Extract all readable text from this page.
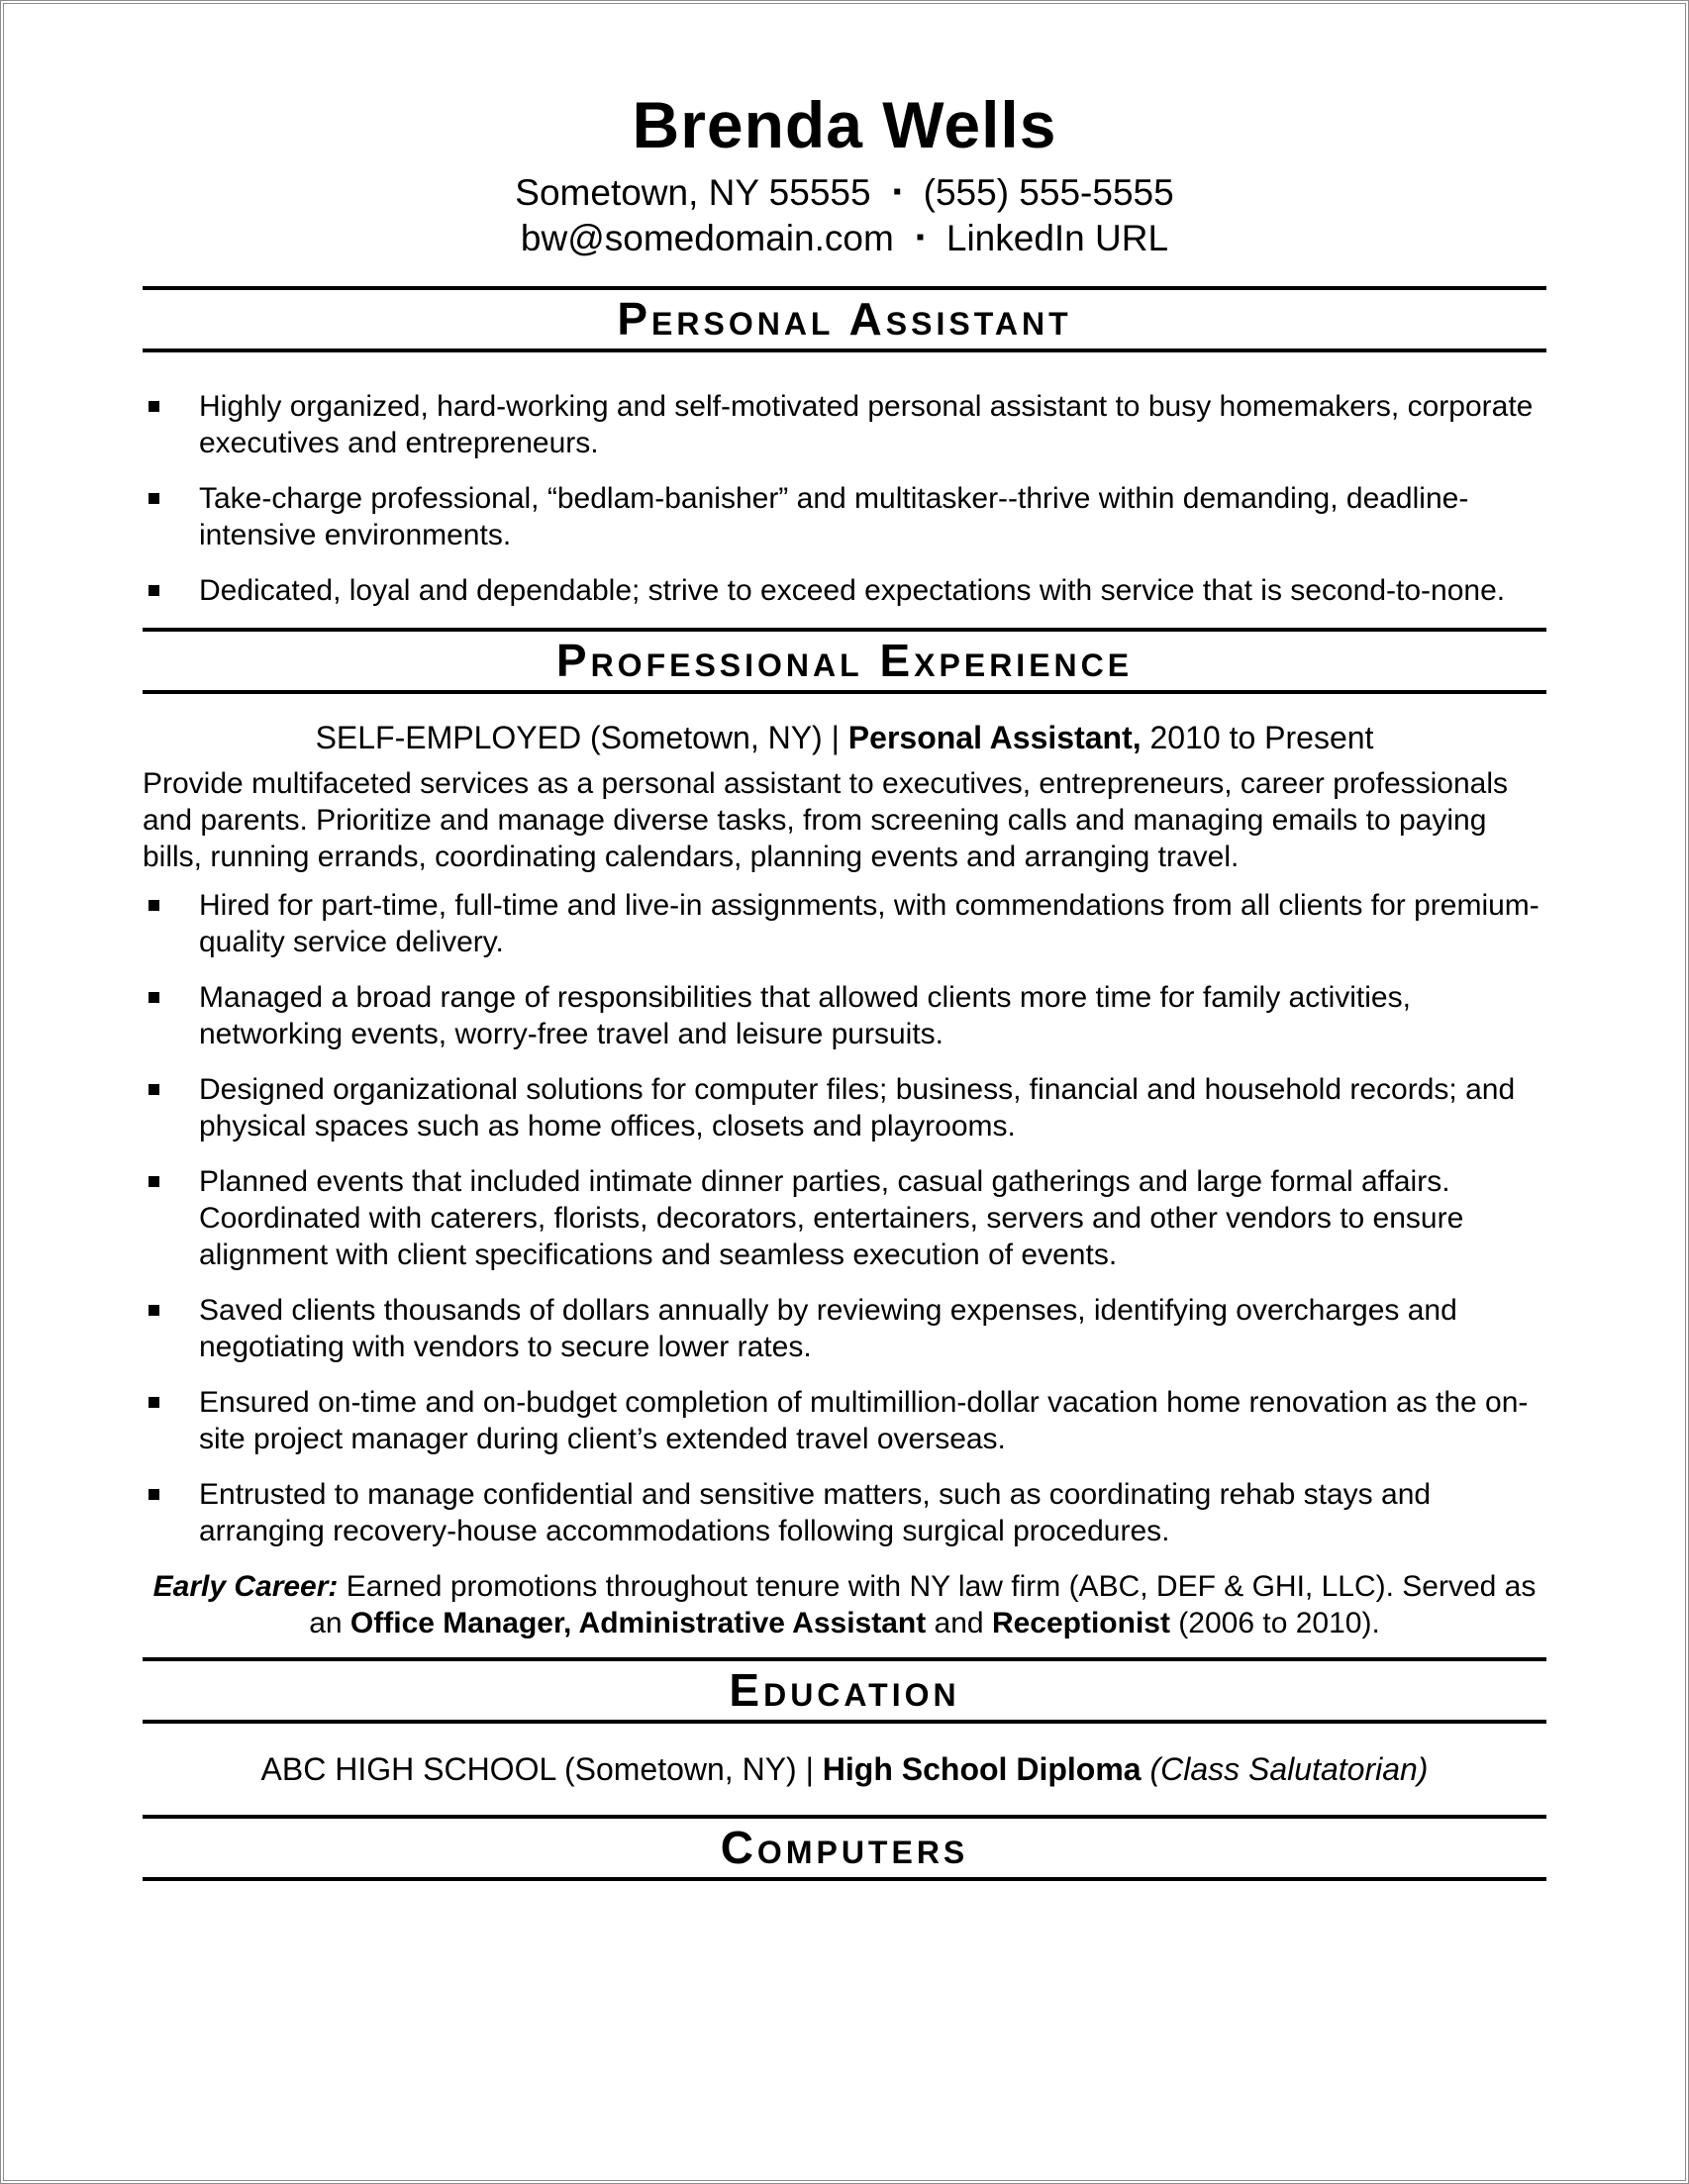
Brenda Wells
Sometown, NY 55555 ▪ (555) 555-5555
bw@somedomain.com ▪ LinkedIn URL
Personal Assistant
Highly organized, hard-working and self-motivated personal assistant to busy homemakers, corporate executives and entrepreneurs.
Take-charge professional, “bedlam-banisher” and multitasker--thrive within demanding, deadline-intensive environments.
Dedicated, loyal and dependable; strive to exceed expectations with service that is second-to-none.
Professional Experience

SELF-EMPLOYED (Sometown, NY) | Personal Assistant, 2010 to Present

Provide multifaceted services as a personal assistant to executives, entrepreneurs, career professionals and parents. Prioritize and manage diverse tasks, from screening calls and managing emails to paying bills, running errands, coordinating calendars, planning events and arranging travel.

Hired for part-time, full-time and live-in assignments, with commendations from all clients for premium-quality service delivery.
Managed a broad range of responsibilities that allowed clients more time for family activities, networking events, worry-free travel and leisure pursuits.
Designed organizational solutions for computer files; business, financial and household records; and physical spaces such as home offices, closets and playrooms.
Planned events that included intimate dinner parties, casual gatherings and large formal affairs. Coordinated with caterers, florists, decorators, entertainers, servers and other vendors to ensure alignment with client specifications and seamless execution of events.
Saved clients thousands of dollars annually by reviewing expenses, identifying overcharges and negotiating with vendors to secure lower rates.
Ensured on-time and on-budget completion of multimillion-dollar vacation home renovation as the on-site project manager during client’s extended travel overseas.
Entrusted to manage confidential and sensitive matters, such as coordinating rehab stays and arranging recovery-house accommodations following surgical procedures.

Early Career: Earned promotions throughout tenure with NY law firm (ABC, DEF & GHI, LLC). Served as an Office Manager, Administrative Assistant and Receptionist (2006 to 2010).

Education

ABC HIGH SCHOOL (Sometown, NY) | High School Diploma (Class Salutatorian)

Computers
